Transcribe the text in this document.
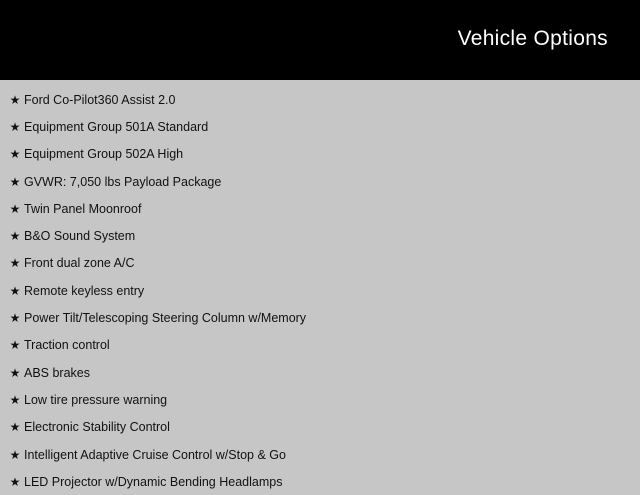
Vehicle Options
★ Ford Co-Pilot360 Assist 2.0
★ Equipment Group 501A Standard
★ Equipment Group 502A High
★ GVWR: 7,050 lbs Payload Package
★ Twin Panel Moonroof
★ B&O Sound System
★ Front dual zone A/C
★ Remote keyless entry
★ Power Tilt/Telescoping Steering Column w/Memory
★ Traction control
★ ABS brakes
★ Low tire pressure warning
★ Electronic Stability Control
★ Intelligent Adaptive Cruise Control w/Stop & Go
★ LED Projector w/Dynamic Bending Headlamps
